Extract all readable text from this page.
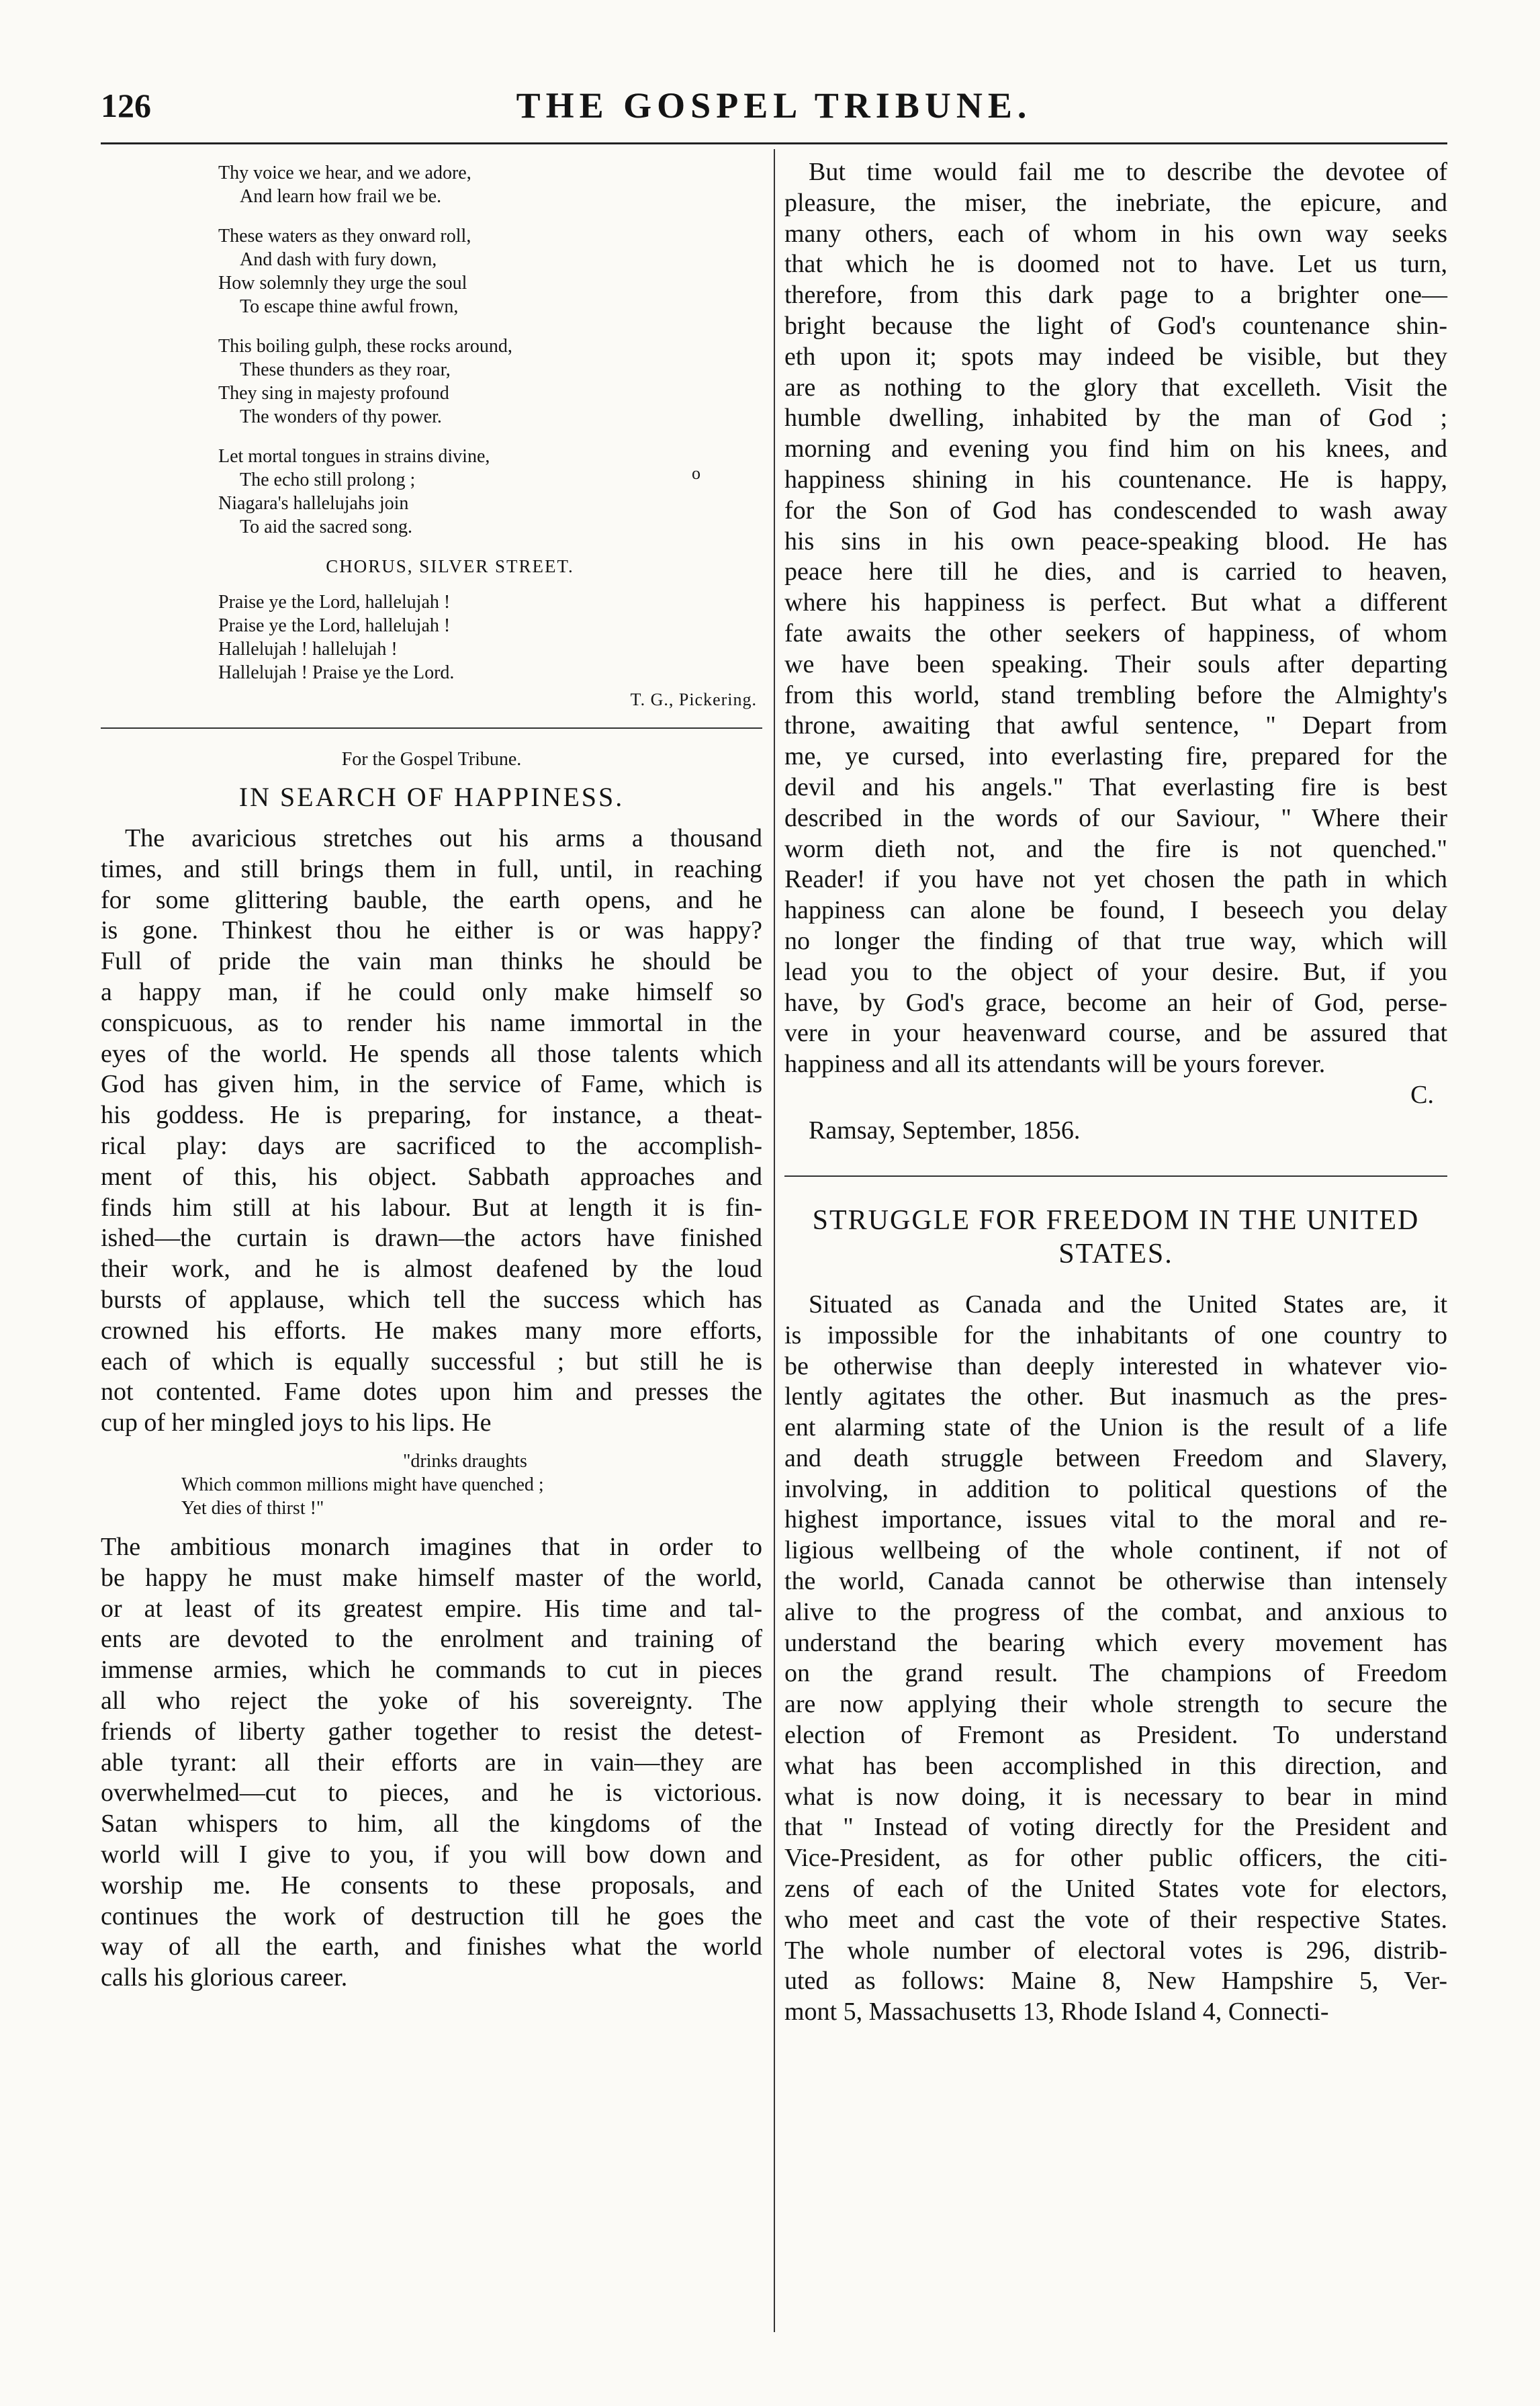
126	THE GOSPEL TRIBUNE.
o
Thy voice we hear, and we adore,
And learn how frail we be.
These waters as they onward roll,
And dash with fury down,
How solemnly they urge the soul
To escape thine awful frown,
This boiling gulph, these rocks around,
These thunders as they roar,
They sing in majesty profound
The wonders of thy power.
Let mortal tongues in strains divine,
The echo still prolong ;
Niagara's hallelujahs join
To aid the sacred song.
CHORUS, SILVER STREET.
Praise ye the Lord, hallelujah !
Praise ye the Lord, hallelujah !
Hallelujah ! hallelujah !
Hallelujah ! Praise ye the Lord.
T. G., Pickering.
For the Gospel Tribune.
IN SEARCH OF HAPPINESS.
The avaricious stretches out his arms a thousand
times, and still brings them in full, until, in reaching
for some glittering bauble, the earth opens, and he
is gone. Thinkest thou he either is or was happy?
Full of pride the vain man thinks he should be
a happy man, if he could only make himself so
conspicuous, as to render his name immortal in the
eyes of the world. He spends all those talents which
God has given him, in the service of Fame, which is
his goddess. He is preparing, for instance, a theat-
rical play: days are sacrificed to the accomplish-
ment of this, his object. Sabbath approaches and
finds him still at his labour. But at length it is fin-
ished—the curtain is drawn—the actors have finished
their work, and he is almost deafened by the loud
bursts of applause, which tell the success which has
crowned his efforts. He makes many more efforts,
each of which is equally successful ; but still he is
not contented. Fame dotes upon him and presses the
cup of her mingled joys to his lips. He
"drinks draughts
Which common millions might have quenched ;
Yet dies of thirst !"
The ambitious monarch imagines that in order to
be happy he must make himself master of the world,
or at least of its greatest empire. His time and tal-
ents are devoted to the enrolment and training of
immense armies, which he commands to cut in pieces
all who reject the yoke of his sovereignty. The
friends of liberty gather together to resist the detest-
able tyrant: all their efforts are in vain—they are
overwhelmed—cut to pieces, and he is victorious.
Satan whispers to him, all the kingdoms of the
world will I give to you, if you will bow down and
worship me. He consents to these proposals, and
continues the work of destruction till he goes the
way of all the earth, and finishes what the world
calls his glorious career.
But time would fail me to describe the devotee of
pleasure, the miser, the inebriate, the epicure, and
many others, each of whom in his own way seeks
that which he is doomed not to have. Let us turn,
therefore, from this dark page to a brighter one—
bright because the light of God's countenance shin-
eth upon it; spots may indeed be visible, but they
are as nothing to the glory that excelleth. Visit the
humble dwelling, inhabited by the man of God ;
morning and evening you find him on his knees, and
happiness shining in his countenance. He is happy,
for the Son of God has condescended to wash away
his sins in his own peace-speaking blood. He has
peace here till he dies, and is carried to heaven,
where his happiness is perfect. But what a different
fate awaits the other seekers of happiness, of whom
we have been speaking. Their souls after departing
from this world, stand trembling before the Almighty's
throne, awaiting that awful sentence, " Depart from
me, ye cursed, into everlasting fire, prepared for the
devil and his angels." That everlasting fire is best
described in the words of our Saviour, " Where their
worm dieth not, and the fire is not quenched."
Reader! if you have not yet chosen the path in which
happiness can alone be found, I beseech you delay
no longer the finding of that true way, which will
lead you to the object of your desire. But, if you
have, by God's grace, become an heir of God, perse-
vere in your heavenward course, and be assured that
happiness and all its attendants will be yours forever.
C.
Ramsay, September, 1856.
STRUGGLE FOR FREEDOM IN THE UNITED
STATES.
Situated as Canada and the United States are, it
is impossible for the inhabitants of one country to
be otherwise than deeply interested in whatever vio-
lently agitates the other. But inasmuch as the pres-
ent alarming state of the Union is the result of a life
and death struggle between Freedom and Slavery,
involving, in addition to political questions of the
highest importance, issues vital to the moral and re-
ligious wellbeing of the whole continent, if not of
the world, Canada cannot be otherwise than intensely
alive to the progress of the combat, and anxious to
understand the bearing which every movement has
on the grand result. The champions of Freedom
are now applying their whole strength to secure the
election of Fremont as President. To understand
what has been accomplished in this direction, and
what is now doing, it is necessary to bear in mind
that " Instead of voting directly for the President and
Vice-President, as for other public officers, the citi-
zens of each of the United States vote for electors,
who meet and cast the vote of their respective States.
The whole number of electoral votes is 296, distrib-
uted as follows: Maine 8, New Hampshire 5, Ver-
mont 5, Massachusetts 13, Rhode Island 4, Connecti-
